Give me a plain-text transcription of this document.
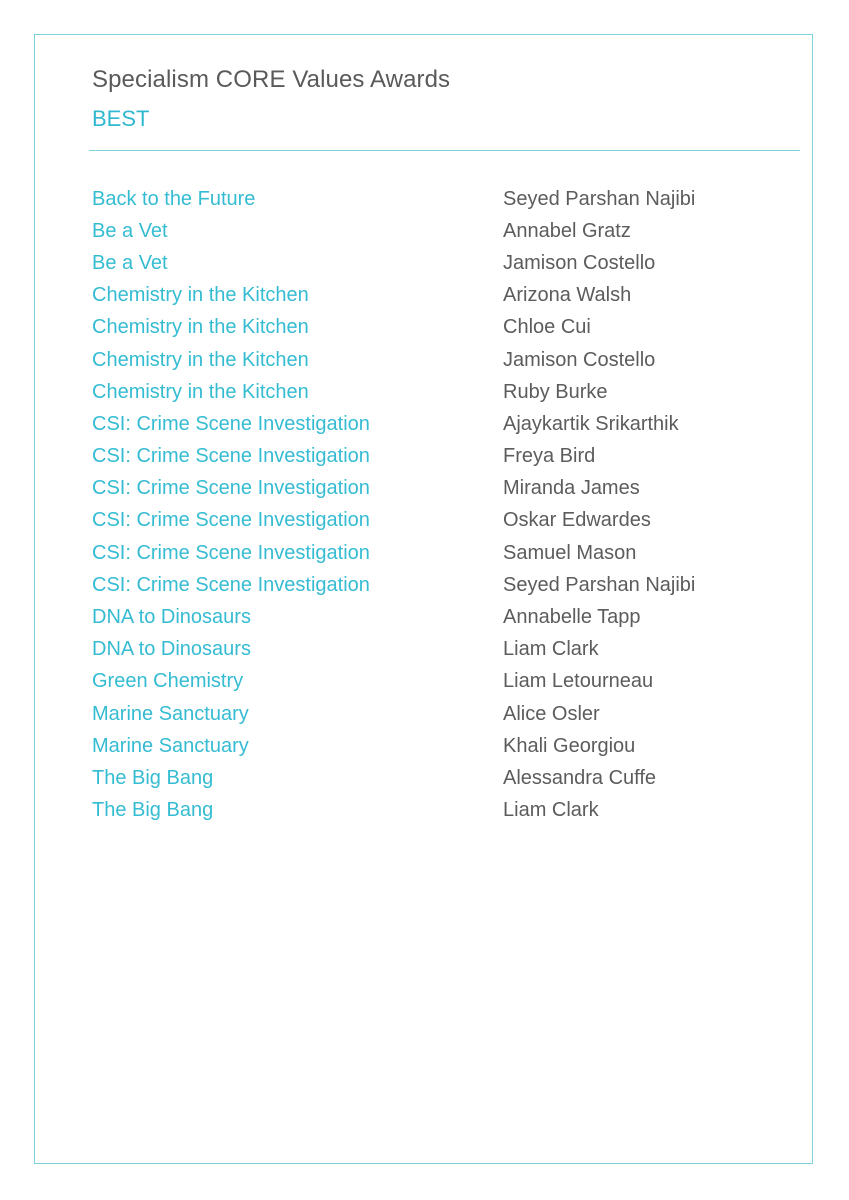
Specialism CORE Values Awards
BEST
Back to the Future	Seyed Parshan Najibi
Be a Vet	Annabel Gratz
Be a Vet	Jamison Costello
Chemistry in the Kitchen	Arizona Walsh
Chemistry in the Kitchen	Chloe Cui
Chemistry in the Kitchen	Jamison Costello
Chemistry in the Kitchen	Ruby Burke
CSI: Crime Scene Investigation	Ajaykartik Srikarthik
CSI: Crime Scene Investigation	Freya Bird
CSI: Crime Scene Investigation	Miranda James
CSI: Crime Scene Investigation	Oskar Edwardes
CSI: Crime Scene Investigation	Samuel Mason
CSI: Crime Scene Investigation	Seyed Parshan Najibi
DNA to Dinosaurs	Annabelle Tapp
DNA to Dinosaurs	Liam Clark
Green Chemistry	Liam Letourneau
Marine Sanctuary	Alice Osler
Marine Sanctuary	Khali Georgiou
The Big Bang	Alessandra Cuffe
The Big Bang	Liam Clark
